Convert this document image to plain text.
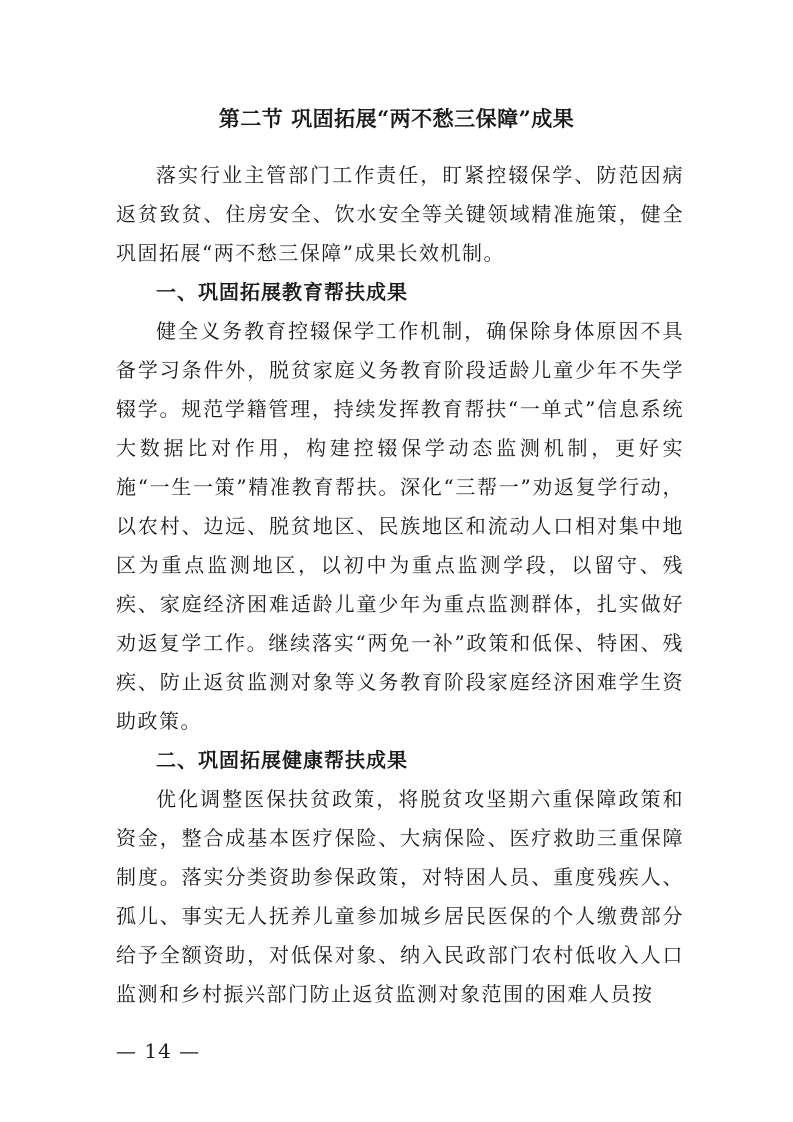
第二节 巩固拓展“两不愁三保障”成果

落实行业主管部门工作责任，盯紧控辍保学、防范因病返贫致贫、住房安全、饮水安全等关键领域精准施策，健全巩固拓展“两不愁三保障”成果长效机制。

一、巩固拓展教育帮扶成果

健全义务教育控辍保学工作机制，确保除身体原因不具备学习条件外，脱贫家庭义务教育阶段适龄儿童少年不失学辍学。规范学籍管理，持续发挥教育帮扶“一单式”信息系统大数据比对作用，构建控辍保学动态监测机制，更好实施“一生一策”精准教育帮扶。深化“三帮一”劝返复学行动，以农村、边远、脱贫地区、民族地区和流动人口相对集中地区为重点监测地区，以初中为重点监测学段，以留守、残疾、家庭经济困难适龄儿童少年为重点监测群体，扎实做好劝返复学工作。继续落实“两免一补”政策和低保、特困、残疾、防止返贫监测对象等义务教育阶段家庭经济困难学生资助政策。

二、巩固拓展健康帮扶成果

优化调整医保扶贫政策，将脱贫攻坚期六重保障政策和资金，整合成基本医疗保险、大病保险、医疗救助三重保障制度。落实分类资助参保政策，对特困人员、重度残疾人、孤儿、事实无人抚养儿童参加城乡居民医保的个人缴费部分给予全额资助，对低保对象、纳入民政部门农村低收入人口监测和乡村振兴部门防止返贫监测对象范围的困难人员按

— 14 —
